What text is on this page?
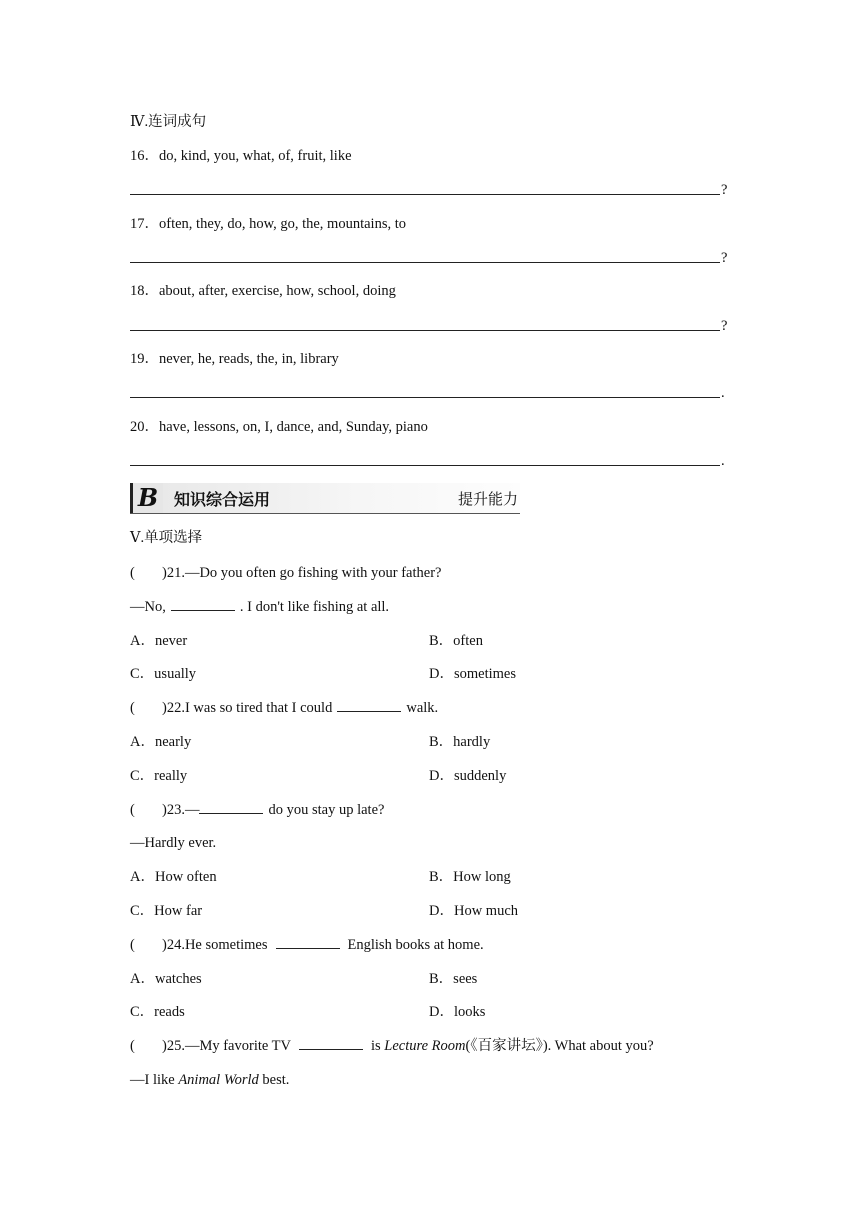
Ⅳ.连词成句
16．do, kind, you, what, of, fruit, like
?
17．often, they, do, how, go, the, mountains, to
?
18．about, after, exercise, how, school, doing
?
19．never, he, reads, the, in, library
.
20．have, lessons, on, I, dance, and, Sunday, piano
.
B 知识综合运用	提升能力
Ⅴ.单项选择
( )21.—Do you often go fishing with your father?
—No,	. I don't like fishing at all.
A．never	B．often
C．usually	D．sometimes
( )22.I was so tired that I could	walk.
A．nearly	B．hardly
C．really	D．suddenly
( )23.—	do you stay up late?
—Hardly ever.
A．How often	B．How long
C．How far	D．How much
( )24.He sometimes	English books at home.
A．watches	B．sees
C．reads	D．looks
( )25.—My favorite TV	is Lecture Room(《百家讲坛》). What about you?
—I like Animal World best.
